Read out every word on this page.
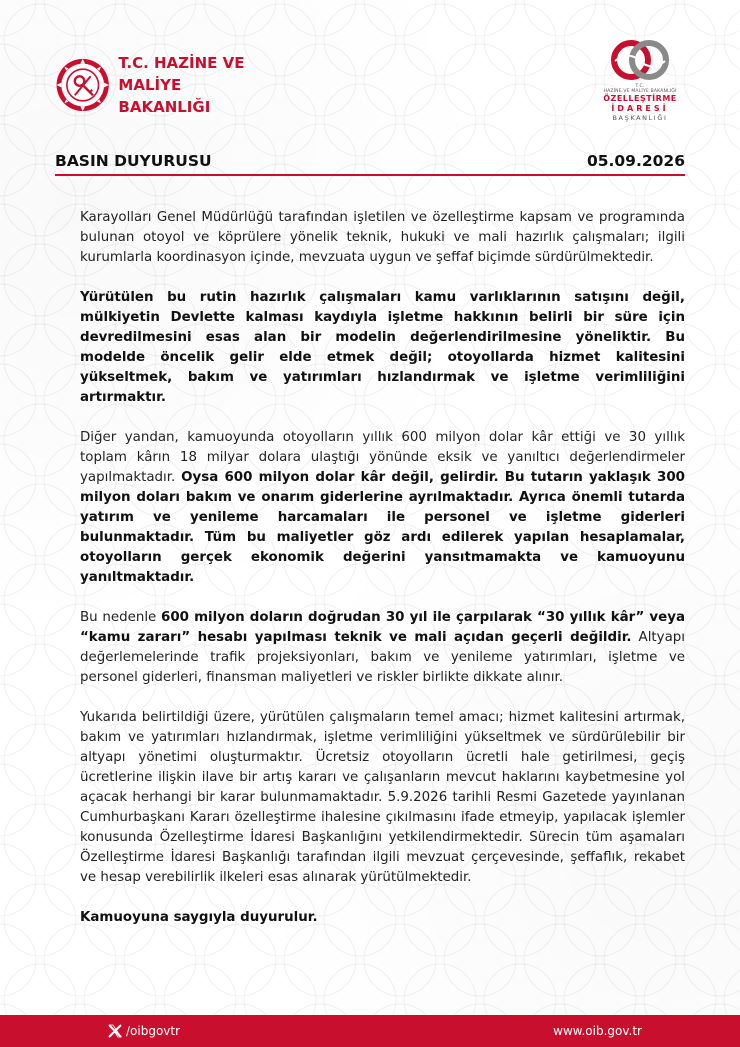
T.C. HAZİNE VE
MALİYE BAKANLIĞI
T.C.
HAZİNE VE MALİYE BAKANLIĞI
ÖZELLEŞTİRME
İDARESİ
BAŞKANLIĞI
BASIN DUYURUSU	05.09.2026

Karayolları Genel Müdürlüğü tarafından işletilen ve özelleştirme kapsam ve programında bulunan otoyol ve köprülere yönelik teknik, hukuki ve mali hazırlık çalışmaları; ilgili kurumlarla koordinasyon içinde, mevzuata uygun ve şeffaf biçimde sürdürülmektedir.

Yürütülen bu rutin hazırlık çalışmaları kamu varlıklarının satışını değil, mülkiyetin Devlette kalması kaydıyla işletme hakkının belirli bir süre için devredilmesini esas alan bir modelin değerlendirilmesine yöneliktir. Bu modelde öncelik gelir elde etmek değil; otoyollarda hizmet kalitesini yükseltmek, bakım ve yatırımları hızlandırmak ve işletme verimliliğini artırmaktır.

Diğer yandan, kamuoyunda otoyolların yıllık 600 milyon dolar kâr ettiği ve 30 yıllık toplam kârın 18 milyar dolara ulaştığı yönünde eksik ve yanıltıcı değerlendirmeler yapılmaktadır. Oysa 600 milyon dolar kâr değil, gelirdir. Bu tutarın yaklaşık 300 milyon doları bakım ve onarım giderlerine ayrılmaktadır. Ayrıca önemli tutarda yatırım ve yenileme harcamaları ile personel ve işletme giderleri bulunmaktadır. Tüm bu maliyetler göz ardı edilerek yapılan hesaplamalar, otoyolların gerçek ekonomik değerini yansıtmamakta ve kamuoyunu yanıltmaktadır.

Bu nedenle 600 milyon doların doğrudan 30 yıl ile çarpılarak “30 yıllık kâr” veya “kamu zararı” hesabı yapılması teknik ve mali açıdan geçerli değildir. Altyapı değerlemelerinde trafik projeksiyonları, bakım ve yenileme yatırımları, işletme ve personel giderleri, finansman maliyetleri ve riskler birlikte dikkate alınır.

Yukarıda belirtildiği üzere, yürütülen çalışmaların temel amacı; hizmet kalitesini artırmak, bakım ve yatırımları hızlandırmak, işletme verimliliğini yükseltmek ve sürdürülebilir bir altyapı yönetimi oluşturmaktır. Ücretsiz otoyolların ücretli hale getirilmesi, geçiş ücretlerine ilişkin ilave bir artış kararı ve çalışanların mevcut haklarını kaybetmesine yol açacak herhangi bir karar bulunmamaktadır. 5.9.2026 tarihli Resmi Gazetede yayınlanan Cumhurbaşkanı Kararı özelleştirme ihalesine çıkılmasını ifade etmeyip, yapılacak işlemler konusunda Özelleştirme İdaresi Başkanlığını yetkilendirmektedir. Sürecin tüm aşamaları Özelleştirme İdaresi Başkanlığı tarafından ilgili mevzuat çerçevesinde, şeffaflık, rekabet ve hesap verebilirlik ilkeleri esas alınarak yürütülmektedir.

Kamuoyuna saygıyla duyurulur.

/oibgovtr	www.oib.gov.tr
